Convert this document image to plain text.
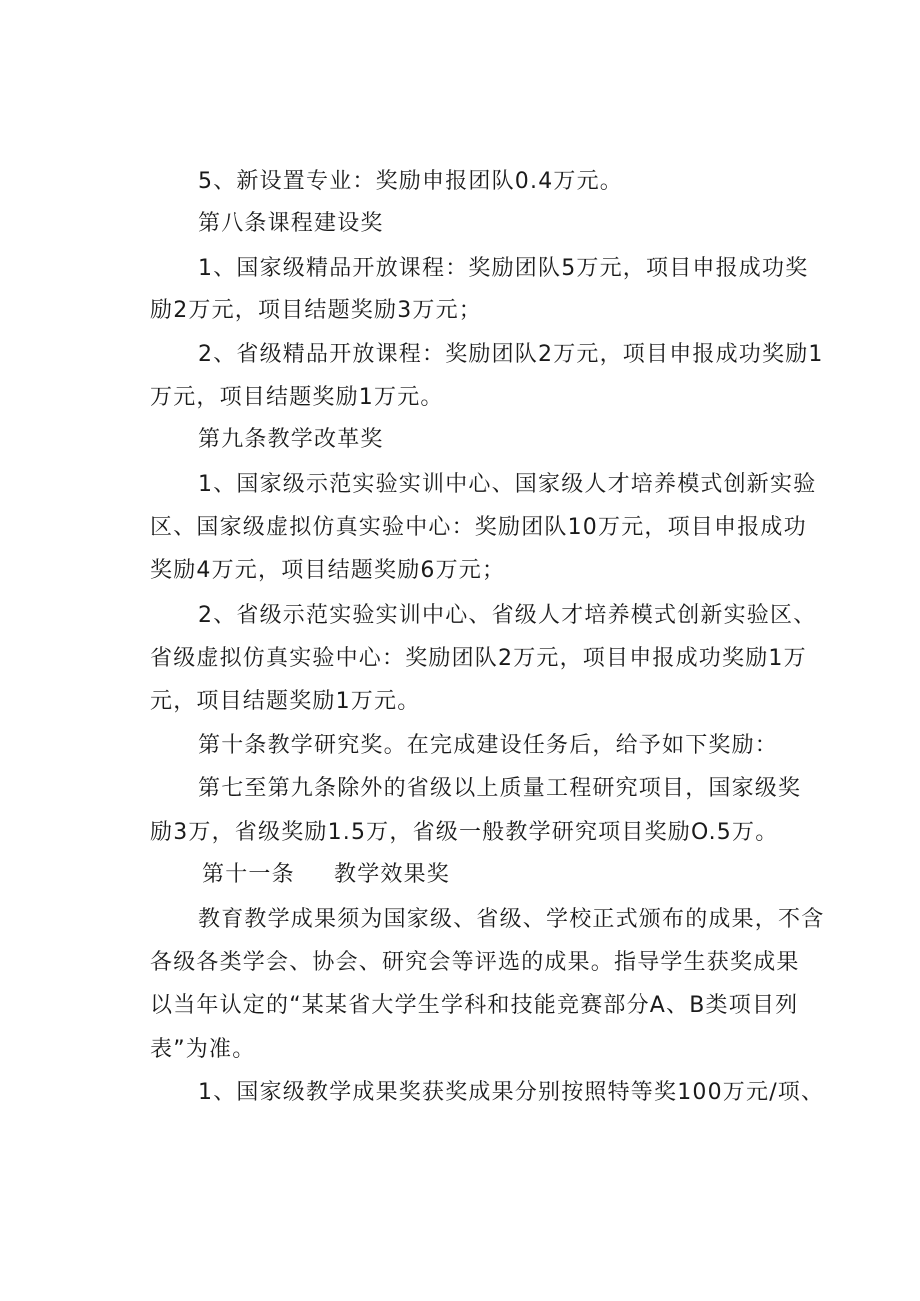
5、新设置专业：奖励申报团队0.4万元。
第八条课程建设奖
1、国家级精品开放课程：奖励团队5万元，项目申报成功奖
励2万元，项目结题奖励3万元；
2、省级精品开放课程：奖励团队2万元，项目申报成功奖励1
万元，项目结题奖励1万元。
第九条教学改革奖
1、国家级示范实验实训中心、国家级人才培养模式创新实验
区、国家级虚拟仿真实验中心：奖励团队10万元，项目申报成功
奖励4万元，项目结题奖励6万元；
2、省级示范实验实训中心、省级人才培养模式创新实验区、
省级虚拟仿真实验中心：奖励团队2万元，项目申报成功奖励1万
元，项目结题奖励1万元。
第十条教学研究奖。在完成建设任务后，给予如下奖励：
第七至第九条除外的省级以上质量工程研究项目，国家级奖
励3万，省级奖励1.5万，省级一般教学研究项目奖励O.5万。
第十一条	教学效果奖
教育教学成果须为国家级、省级、学校正式颁布的成果，不含
各级各类学会、协会、研究会等评选的成果。指导学生获奖成果
以当年认定的“某某省大学生学科和技能竞赛部分A、B类项目列
表”为准。
1、国家级教学成果奖获奖成果分别按照特等奖100万元/项、
